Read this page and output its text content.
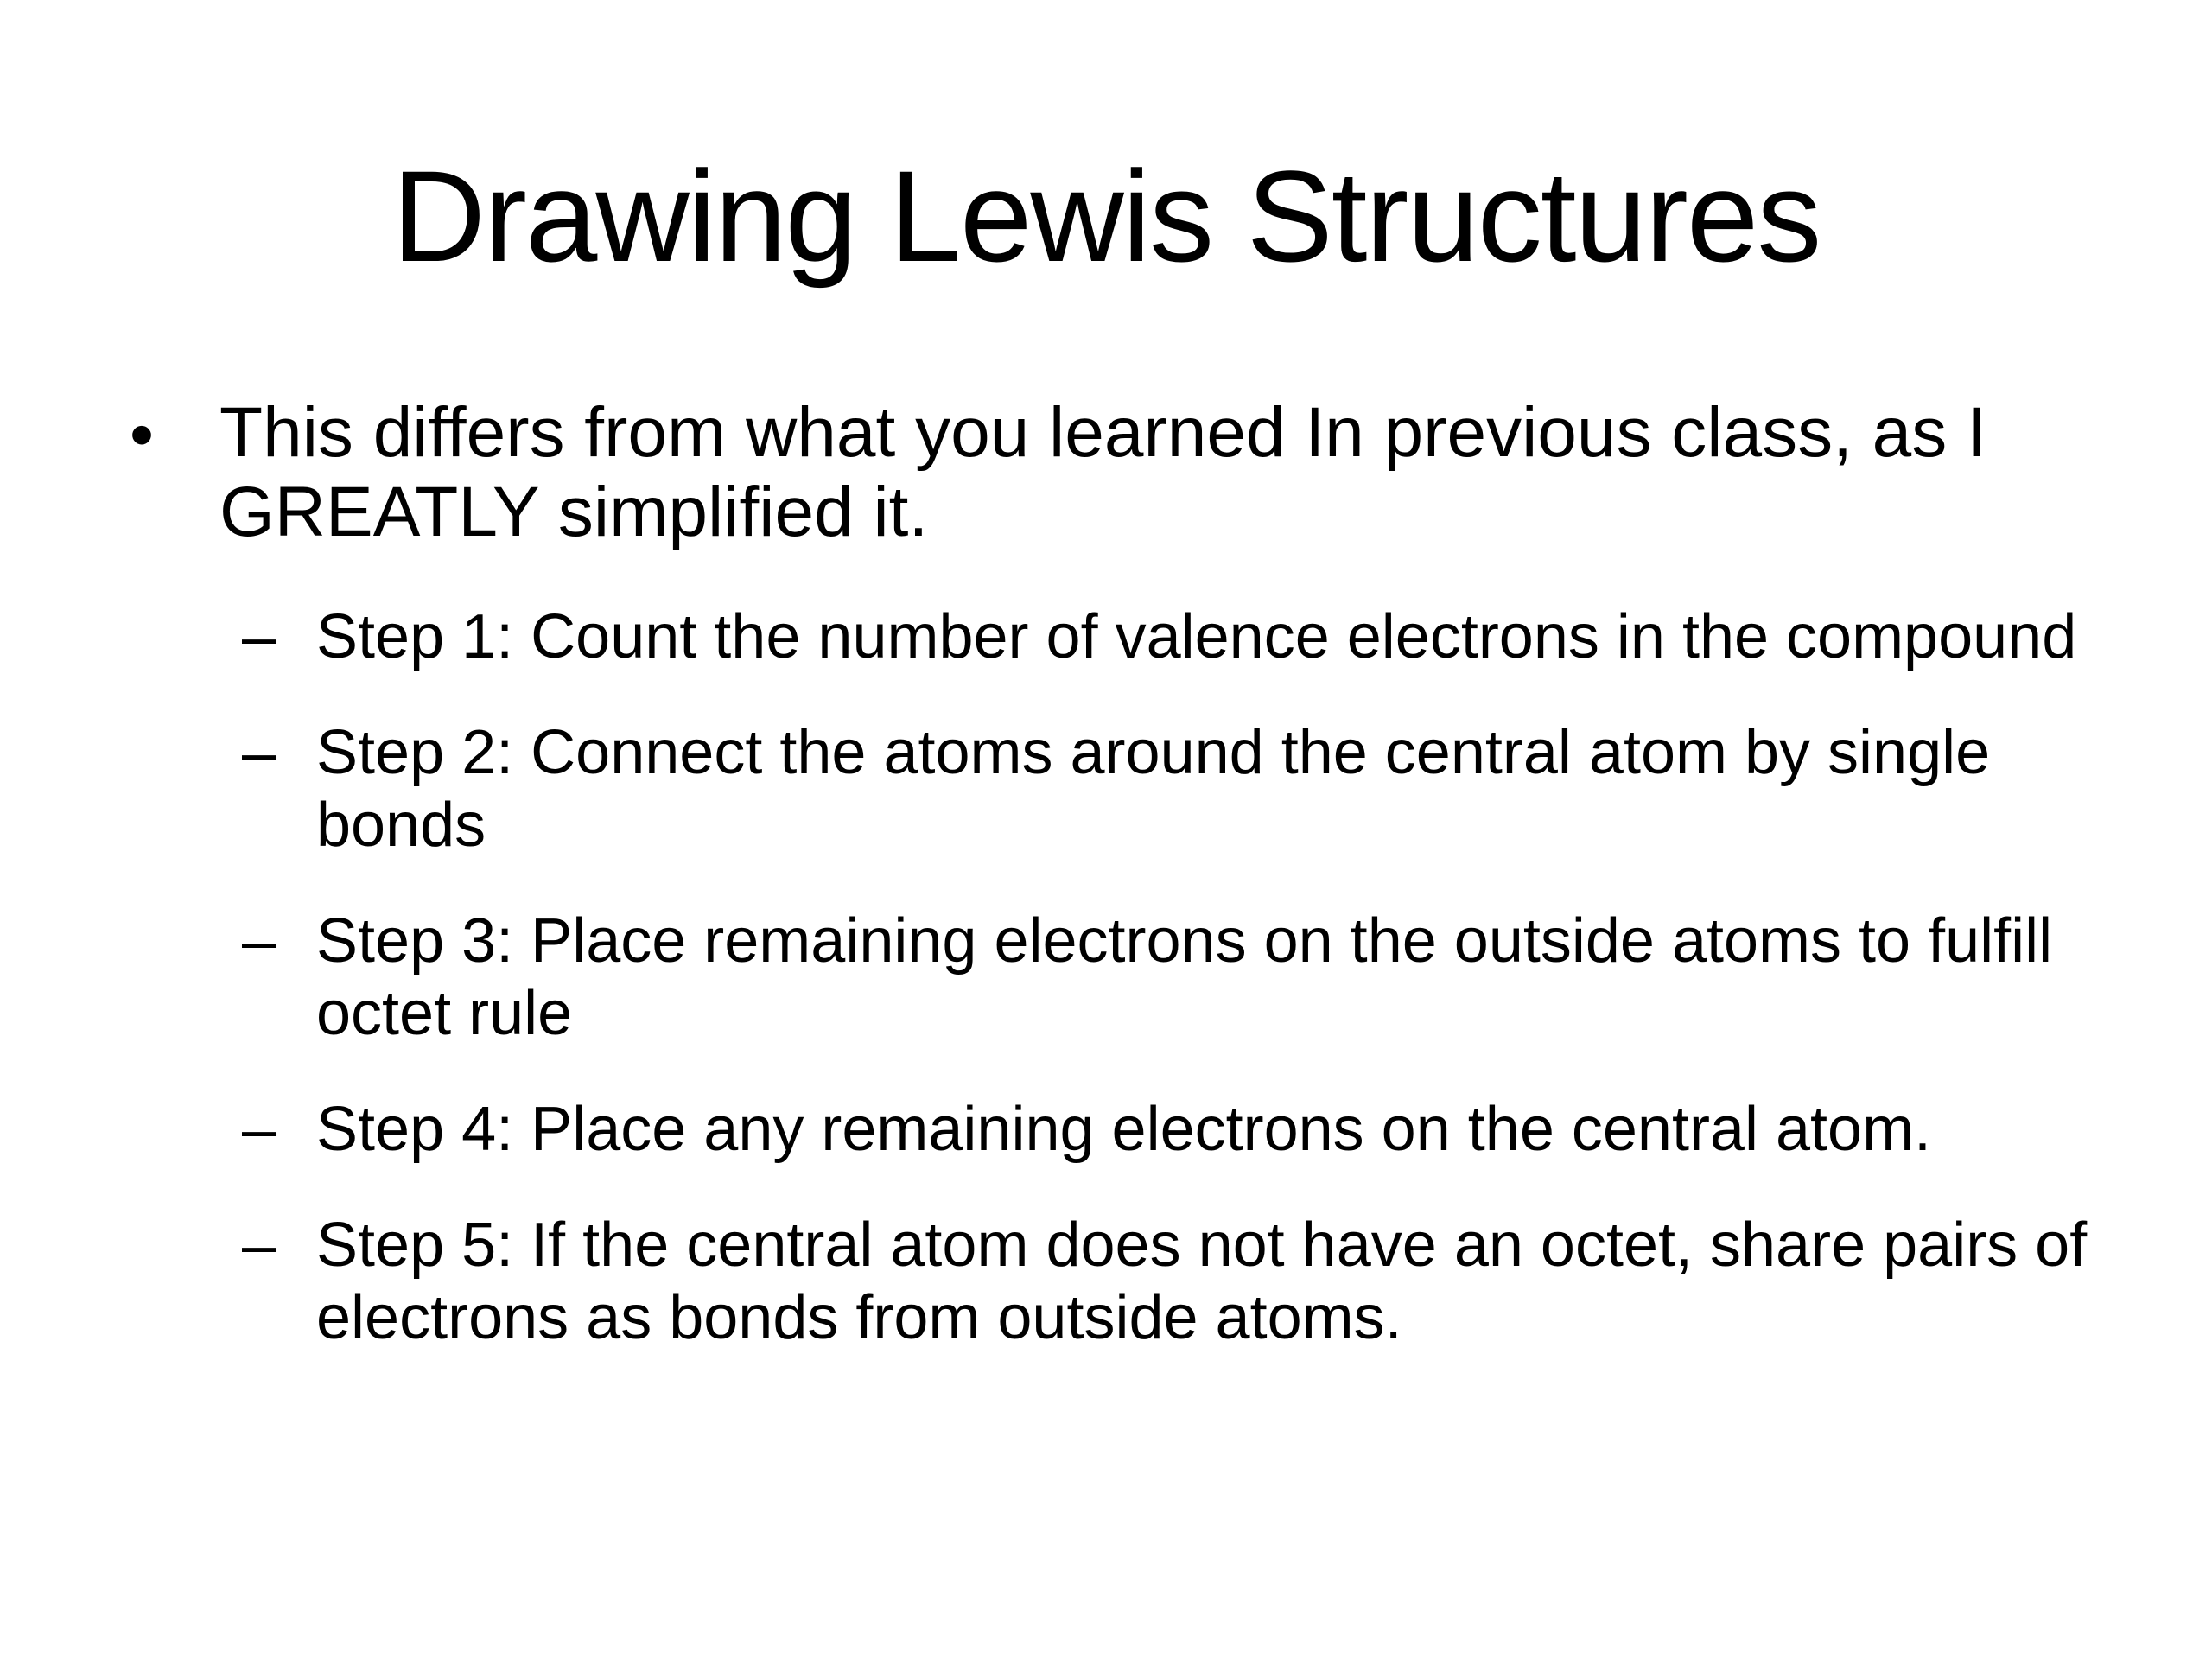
Drawing Lewis Structures
• This differs from what you learned In previous class, as I GREATLY simplified it.
– Step 1: Count the number of valence electrons in the compound
– Step 2: Connect the atoms around the central atom by single bonds
– Step 3: Place remaining electrons on the outside atoms to fulfill octet rule
– Step 4: Place any remaining electrons on the central atom.
– Step 5: If the central atom does not have an octet, share pairs of electrons as bonds from outside atoms.
